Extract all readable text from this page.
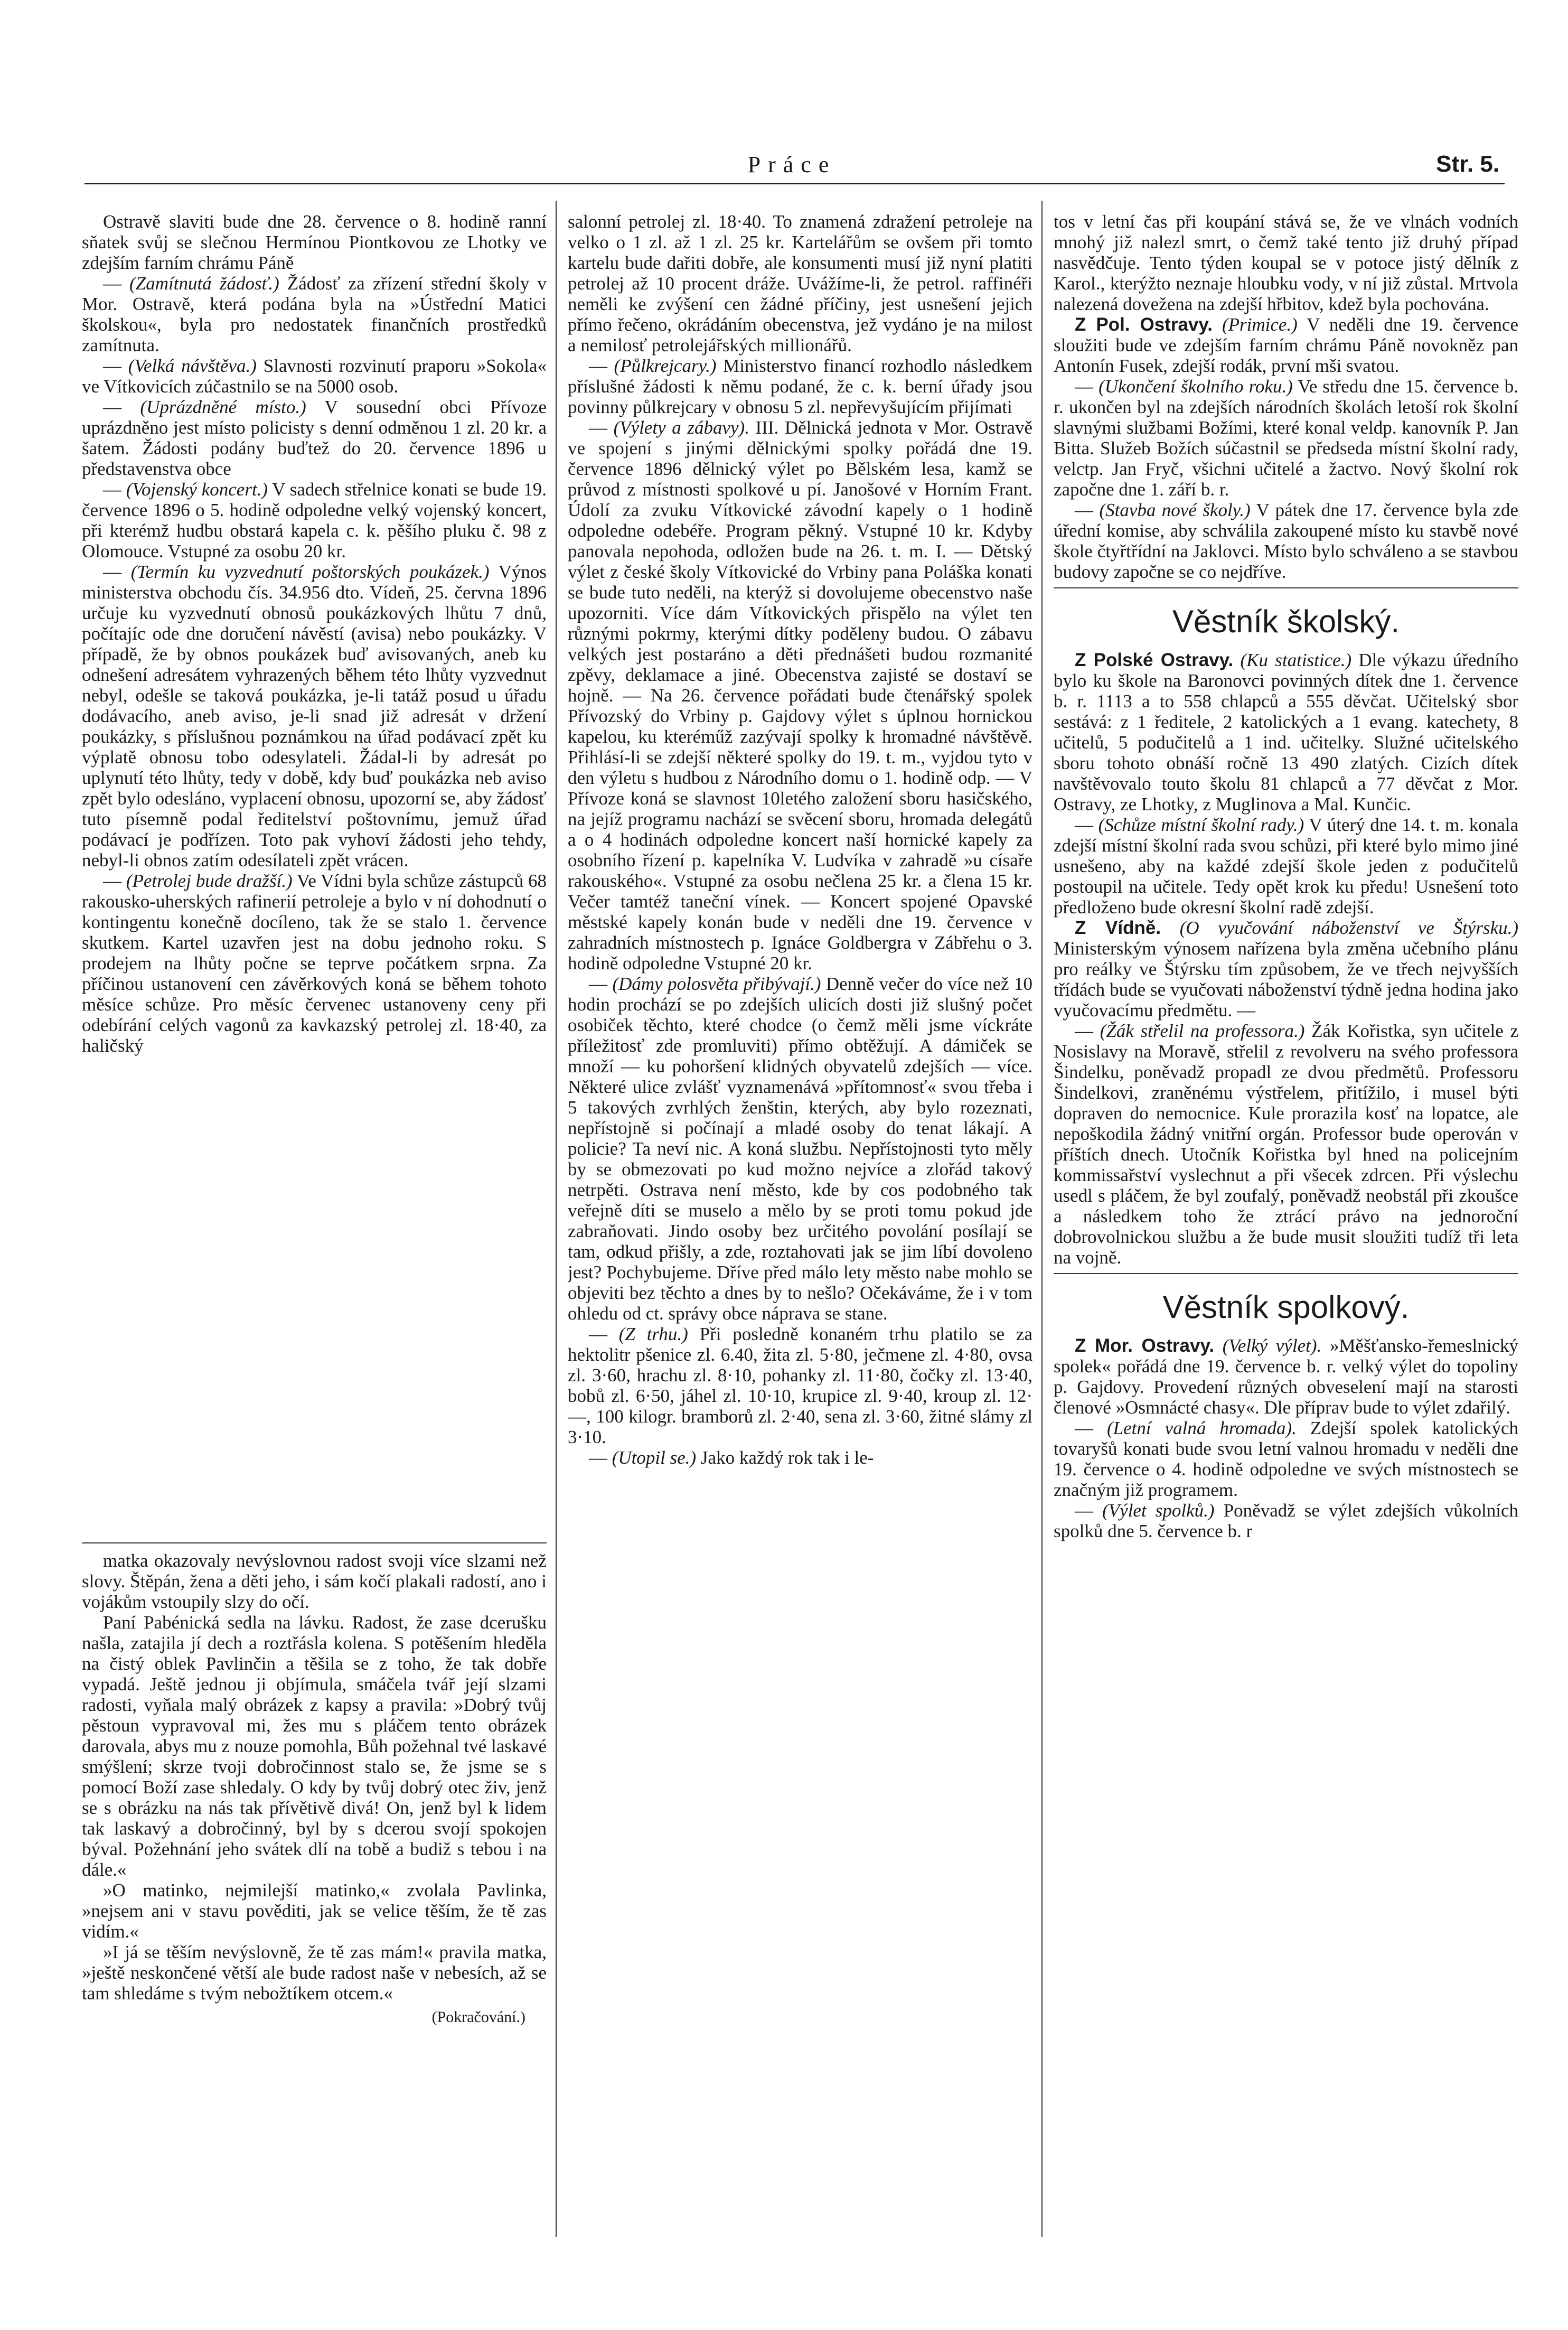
Práce	Str. 5.

Ostravě slaviti bude dne 28. července o 8. hodině ranní sňatek svůj se slečnou Hermínou Piontkovou ze Lhotky ve zdejším farním chrámu Páně

— (Zamítnutá žádosť.) Žádosť za zřízení střední školy v Mor. Ostravě, která podána byla na »Ústřední Matici školskou«, byla pro nedostatek finančních prostředků zamítnuta.

— (Velká návštěva.) Slavnosti rozvinutí praporu »Sokola« ve Vítkovicích zúčastnilo se na 5000 osob.

— (Uprázdněné místo.) V sousední obci Přívoze uprázdněno jest místo policisty s denní odměnou 1 zl. 20 kr. a šatem. Žádosti podány buďtež do 20. července 1896 u představenstva obce

— (Vojenský koncert.) V sadech střelnice konati se bude 19. července 1896 o 5. hodině odpoledne velký vojenský koncert, při kterémž hudbu obstará kapela c. k. pěšího pluku č. 98 z Olomouce. Vstupné za osobu 20 kr.

— (Termín ku vyzvednutí poštorských poukázek.) Výnos ministerstva obchodu čís. 34.956 dto. Vídeň, 25. června 1896 určuje ku vyzvednutí obnosů poukázkových lhůtu 7 dnů, počítajíc ode dne doručení návěstí (avisa) nebo poukázky. V případě, že by obnos poukázek buď avisovaných, aneb ku odnešení adresátem vyhrazených během této lhůty vyzvednut nebyl, odešle se taková poukázka, je-li tatáž posud u úřadu dodávacího, aneb aviso, je-li snad již adresát v držení poukázky, s příslušnou poznámkou na úřad podávací zpět ku výplatě obnosu tobo odesylateli. Žádal-li by adresát po uplynutí této lhůty, tedy v době, kdy buď poukázka neb aviso zpět bylo odesláno, vyplacení obnosu, upozorní se, aby žádosť tuto písemně podal ředitelství poštovnímu, jemuž úřad podávací je podřízen. Toto pak vyhoví žádosti jeho tehdy, nebyl-li obnos zatím odesílateli zpět vrácen.

— (Petrolej bude dražší.) Ve Vídni byla schůze zástupců 68 rakousko-uherských rafinerií petroleje a bylo v ní dohodnutí o kontingentu konečně docíleno, tak že se stalo 1. července skutkem. Kartel uzavřen jest na dobu jednoho roku. S prodejem na lhůty počne se teprve počátkem srpna. Za příčinou ustanovení cen závěrkových koná se během tohoto měsíce schůze. Pro měsíc červenec ustanoveny ceny při odebírání celých vagonů za kavkazský petrolej zl. 18·40, za haličský

matka okazovaly nevýslovnou radost svoji více slzami než slovy. Štěpán, žena a děti jeho, i sám kočí plakali radostí, ano i vojákům vstoupily slzy do očí.

Paní Pabénická sedla na lávku. Radost, že zase dcerušku našla, zatajila jí dech a roztřásla kolena. S potěšením hleděla na čistý oblek Pavlinčin a těšila se z toho, že tak dobře vypadá. Ještě jednou ji objímula, smáčela tvář její slzami radosti, vyňala malý obrázek z kapsy a pravila: »Dobrý tvůj pěstoun vypravoval mi, žes mu s pláčem tento obrázek darovala, abys mu z nouze pomohla, Bůh požehnal tvé laskavé smýšlení; skrze tvoji dobročinnost stalo se, že jsme se s pomocí Boží zase shledaly. O kdy by tvůj dobrý otec živ, jenž se s obrázku na nás tak přívětivě divá! On, jenž byl k lidem tak laskavý a dobročinný, byl by s dcerou svojí spokojen býval. Požehnání jeho svátek dlí na tobě a budiž s tebou i na dále.«

»O matinko, nejmilejší matinko,« zvolala Pavlinka, »nejsem ani v stavu pověditi, jak se velice těším, že tě zas vidím.«

»I já se těším nevýslovně, že tě zas mám!« pravila matka, »ještě neskončené větší ale bude radost naše v nebesích, až se tam shledáme s tvým nebožtíkem otcem.«

(Pokračování.)

salonní petrolej zl. 18·40. To znamená zdražení petroleje na velko o 1 zl. až 1 zl. 25 kr. Kartelářům se ovšem při tomto kartelu bude dařiti dobře, ale konsumenti musí již nyní platiti petrolej až 10 procent dráže. Uvážíme-li, že petrol. raffinéři neměli ke zvýšení cen žádné příčiny, jest usnešení jejich přímo řečeno, okrádáním obecenstva, jež vydáno je na milost a nemilosť petrolejářských millionářů.

— (Půlkrejcary.) Ministerstvo financí rozhodlo následkem příslušné žádosti k němu podané, že c. k. berní úřady jsou povinny půlkrejcary v obnosu 5 zl. nepřevyšujícím přijímati

— (Výlety a zábavy). III. Dělnická jednota v Mor. Ostravě ve spojení s jinými dělnickými spolky pořádá dne 19. července 1896 dělnický výlet po Bělském lesa, kamž se průvod z místnosti spolkové u pí. Janošové v Horním Frant. Údolí za zvuku Vítkovické závodní kapely o 1 hodině odpoledne odebéře. Program pěkný. Vstupné 10 kr. Kdyby panovala nepohoda, odložen bude na 26. t. m. I. — Dětský výlet z české školy Vítkovické do Vrbiny pana Poláška konati se bude tuto neděli, na kterýž si dovolujeme obecenstvo naše upozorniti. Více dám Vítkovických přispělo na výlet ten různými pokrmy, kterými dítky poděleny budou. O zábavu velkých jest postaráno a děti přednášeti budou rozmanité zpěvy, deklamace a jiné. Obecenstva zajisté se dostaví se hojně. — Na 26. července pořádati bude čtenářský spolek Přívozský do Vrbiny p. Gajdovy výlet s úplnou hornickou kapelou, ku kteréműž zazývají spolky k hromadné návštěvě. Přihlásí-li se zdejší některé spolky do 19. t. m., vyjdou tyto v den výletu s hudbou z Národního domu o 1. hodině odp. — V Přívoze koná se slavnost 10letého založení sboru hasičského, na jejíž programu nachází se svěcení sboru, hromada delegátů a o 4 hodinách odpoledne koncert naší hornické kapely za osobního řízení p. kapelníka V. Ludvíka v zahradě »u císaře rakouského«. Vstupné za osobu nečlena 25 kr. a člena 15 kr. Večer tamtéž taneční vínek. — Koncert spojené Opavské městské kapely konán bude v neděli dne 19. července v zahradních místnostech p. Ignáce Goldbergra v Zábřehu o 3. hodině odpoledne Vstupné 20 kr.

— (Dámy polosvěta přibývají.) Denně večer do více než 10 hodin prochází se po zdejších ulicích dosti již slušný počet osobiček těchto, které chodce (o čemž měli jsme víckráte příležitosť zde promluviti) přímo obtěžují. A dámiček se množí — ku pohoršení klidných obyvatelů zdejších — více. Některé ulice zvlášť vyznamenává »přítomnosť« svou třeba i 5 takových zvrhlých ženštin, kterých, aby bylo rozeznati, nepřístojně si počínají a mladé osoby do tenat lákají. A policie? Ta neví nic. A koná službu. Nepřístojnosti tyto měly by se obmezovati po kud možno nejvíce a zlořád takový netrpěti. Ostrava není město, kde by cos podobného tak veřejně díti se muselo a mělo by se proti tomu pokud jde zabraňovati. Jindo osoby bez určitého povolání posílají se tam, odkud přišly, a zde, roztahovati jak se jim líbí dovoleno jest? Pochybujeme. Dříve před málo lety město nabe mohlo se objeviti bez těchto a dnes by to nešlo? Očekáváme, že i v tom ohledu od ct. správy obce náprava se stane.

— (Z trhu.) Při posledně konaném trhu platilo se za hektolitr pšenice zl. 6.40, žita zl. 5·80, ječmene zl. 4·80, ovsa zl. 3·60, hrachu zl. 8·10, pohanky zl. 11·80, čočky zl. 13·40, bobů zl. 6·50, jáhel zl. 10·10, krupice zl. 9·40, kroup zl. 12·—, 100 kilogr. bramborů zl. 2·40, sena zl. 3·60, žitné slámy zl 3·10.

— (Utopil se.) Jako každý rok tak i le-

tos v letní čas při koupání stává se, že ve vlnách vodních mnohý již nalezl smrt, o čemž také tento již druhý případ nasvědčuje. Tento týden koupal se v potoce jistý dělník z Karol., kterýžto neznaje hloubku vody, v ní již zůstal. Mrtvola nalezená dovežena na zdejší hřbitov, kdež byla pochována.

Z Pol. Ostravy. (Primice.) V neděli dne 19. července sloužiti bude ve zdejším farním chrámu Páně novokněz pan Antonín Fusek, zdejší rodák, první mši svatou.

— (Ukončení školního roku.) Ve středu dne 15. července b. r. ukončen byl na zdejších národních školách letoší rok školní slavnými službami Božími, které konal veldp. kanovník P. Jan Bitta. Služeb Božích súčastnil se předseda místní školní rady, velctp. Jan Fryč, všichni učitelé a žactvo. Nový školní rok započne dne 1. září b. r.

— (Stavba nové školy.) V pátek dne 17. července byla zde úřední komise, aby schválila zakoupené místo ku stavbě nové škole čtyřtřídní na Jaklovci. Místo bylo schváleno a se stavbou budovy započne se co nejdříve.

Věstník školský.

Z Polské Ostravy. (Ku statistice.) Dle výkazu úředního bylo ku škole na Baronovci povinných dítek dne 1. července b. r. 1113 a to 558 chlapců a 555 děvčat. Učitelský sbor sestává: z 1 ředitele, 2 katolických a 1 evang. katechety, 8 učitelů, 5 podučitelů a 1 ind. učitelky. Služné učitelského sboru tohoto obnáší ročně 13 490 zlatých. Cizích dítek navštěvovalo touto školu 81 chlapců a 77 děvčat z Mor. Ostravy, ze Lhotky, z Muglinova a Mal. Kunčic.

— (Schůze místní školní rady.) V úterý dne 14. t. m. konala zdejší místní školní rada svou schůzi, při které bylo mimo jiné usnešeno, aby na každé zdejší škole jeden z podučitelů postoupil na učitele. Tedy opět krok ku předu! Usnešení toto předloženo bude okresní školní radě zdejší.

Z Vídně. (O vyučování náboženství ve Štýrsku.) Ministerským výnosem nařízena byla změna učebního plánu pro reálky ve Štýrsku tím způsobem, že ve třech nejvyšších třídách bude se vyučovati náboženství týdně jedna hodina jako vyučovacímu předmětu. —

— (Žák střelil na professora.) Žák Kořistka, syn učitele z Nosislavy na Moravě, střelil z revolveru na svého professora Šindelku, poněvadž propadl ze dvou předmětů. Professoru Šindelkovi, zraněnému výstřelem, přitížilo, i musel býti dopraven do nemocnice. Kule prorazila kosť na lopatce, ale nepoškodila žádný vnitřní orgán. Professor bude operován v příštích dnech. Utočník Kořistka byl hned na policejním kommissařství vyslechnut a při všecek zdrcen. Při výslechu usedl s pláčem, že byl zoufalý, poněvadž neobstál při zkoušce a následkem toho že ztrácí právo na jednoroční dobrovolnickou službu a že bude musit sloužiti tudíž tři leta na vojně.

Věstník spolkový.

Z Mor. Ostravy. (Velký výlet). »Měšťansko-řemeslnický spolek« pořádá dne 19. července b. r. velký výlet do topoliny p. Gajdovy. Provedení různých obveselení mají na starosti členové »Osmnácté chasy«. Dle příprav bude to výlet zdařilý.

— (Letní valná hromada). Zdejší spolek katolických tovaryšů konati bude svou letní valnou hromadu v neděli dne 19. července o 4. hodině odpoledne ve svých místnostech se značným již programem.

— (Výlet spolků.) Poněvadž se výlet zdejších vůkolních spolků dne 5. července b. r
